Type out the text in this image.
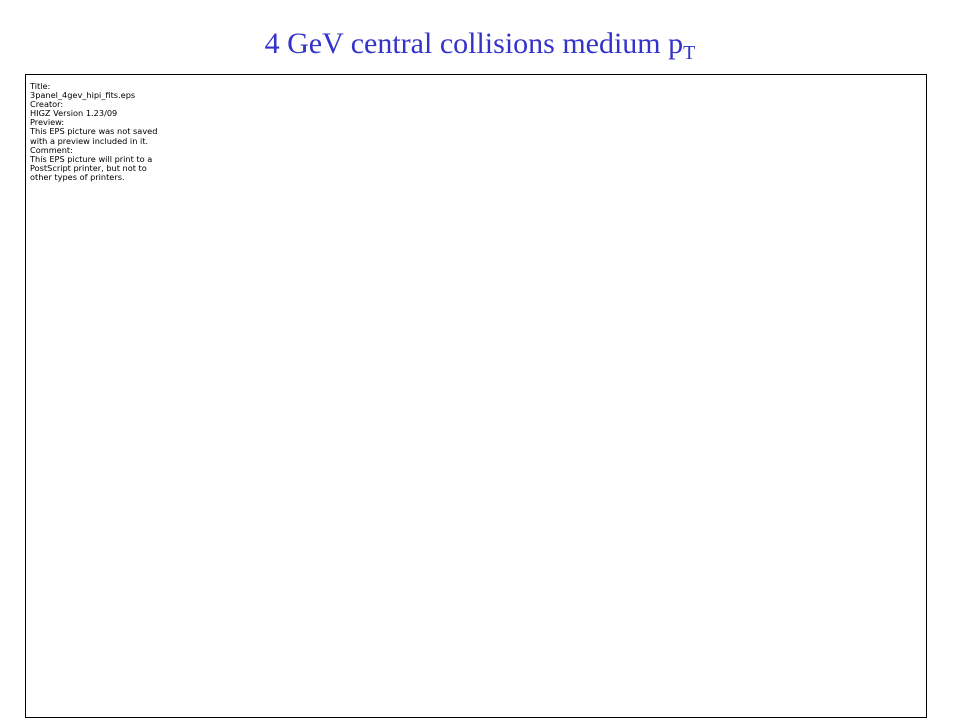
4 GeV central collisions medium $p_T$
Title:
3panel_4gev_hipi_fits.eps
Creator:
HIGZ Version 1.23/09
Preview:
This EPS picture was not saved
with a preview included in it.
Comment:
This EPS picture will print to a
PostScript printer, but not to
other types of printers.
